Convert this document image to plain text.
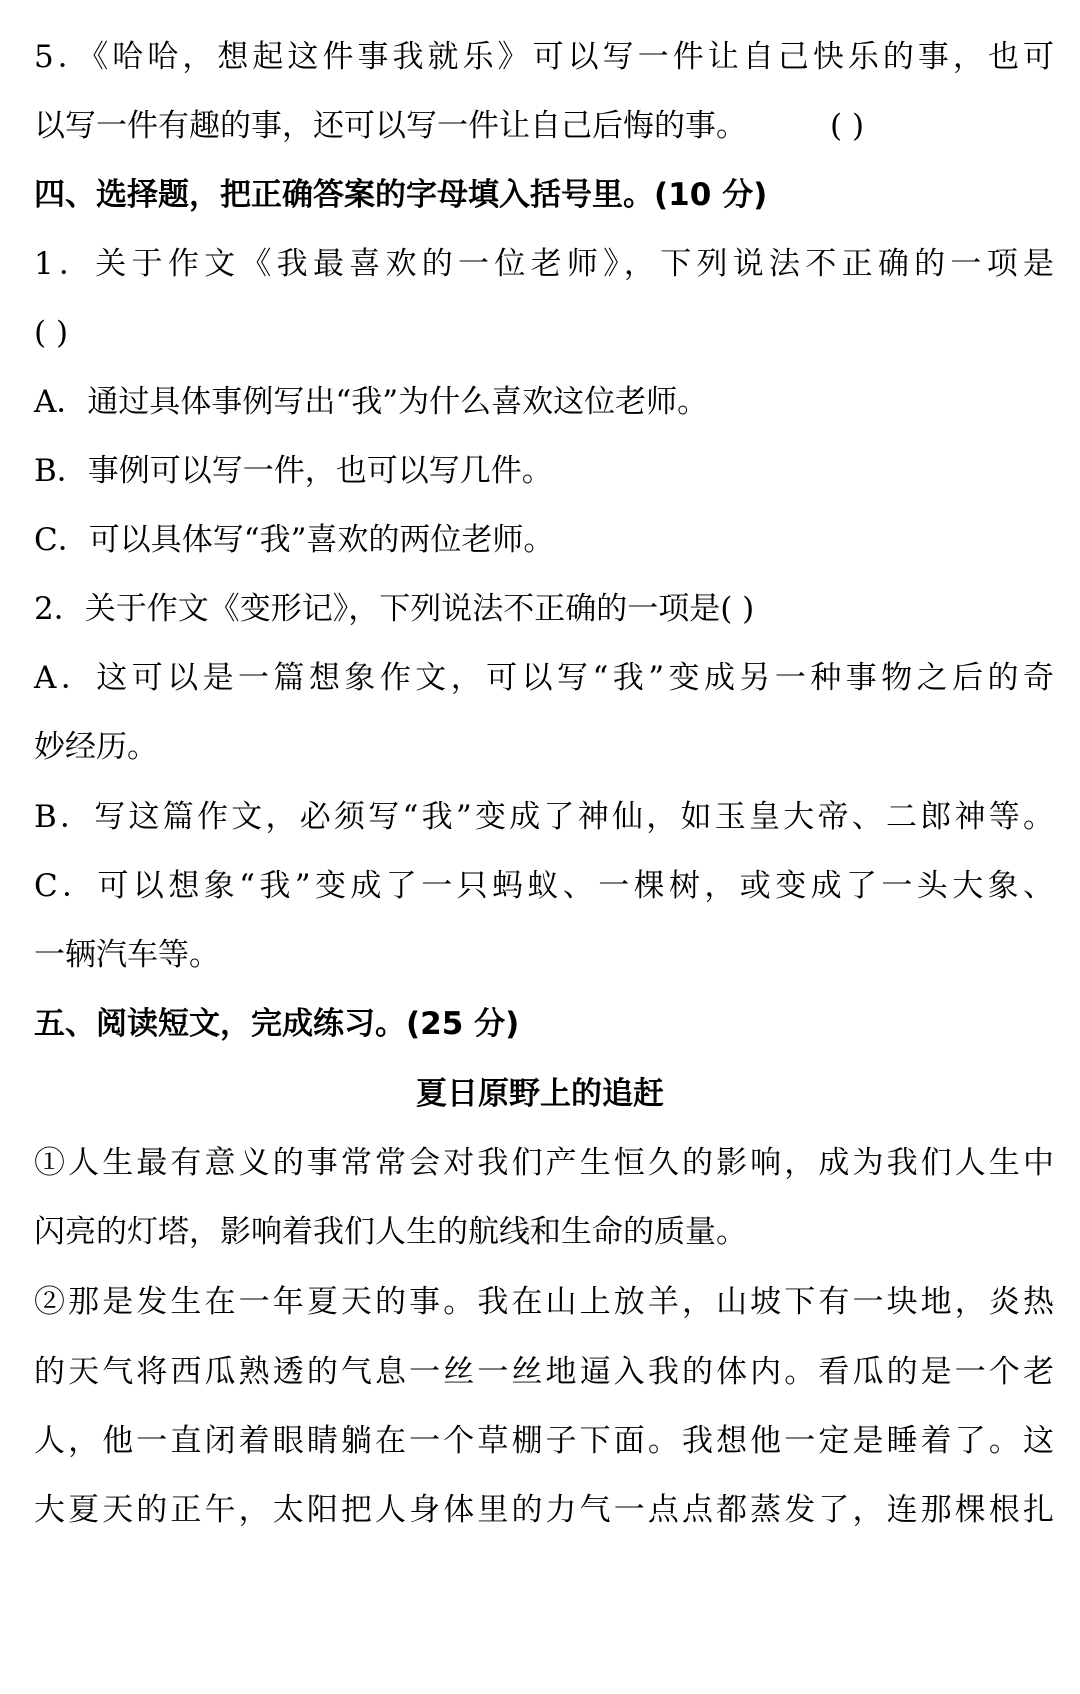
5．《哈哈，想起这件事我就乐》可以写一件让自己快乐的事，也可
以写一件有趣的事，还可以写一件让自己后悔的事。	( )
四、选择题，把正确答案的字母填入括号里。(10 分)
1．关于作文《我最喜欢的一位老师》，下列说法不正确的一项是
( )
A．通过具体事例写出“我”为什么喜欢这位老师。
B．事例可以写一件，也可以写几件。
C．可以具体写“我”喜欢的两位老师。
2．关于作文《变形记》，下列说法不正确的一项是( )
A．这可以是一篇想象作文，可以写“我”变成另一种事物之后的奇
妙经历。
B．写这篇作文，必须写“我”变成了神仙，如玉皇大帝、二郎神等。
C．可以想象“我”变成了一只蚂蚁、一棵树，或变成了一头大象、
一辆汽车等。
五、阅读短文，完成练习。(25 分)
夏日原野上的追赶
①人生最有意义的事常常会对我们产生恒久的影响，成为我们人生中
闪亮的灯塔，影响着我们人生的航线和生命的质量。
②那是发生在一年夏天的事。我在山上放羊，山坡下有一块地，炎热
的天气将西瓜熟透的气息一丝一丝地逼入我的体内。看瓜的是一个老
人，他一直闭着眼睛躺在一个草棚子下面。我想他一定是睡着了。这
大夏天的正午，太阳把人身体里的力气一点点都蒸发了，连那棵根扎
